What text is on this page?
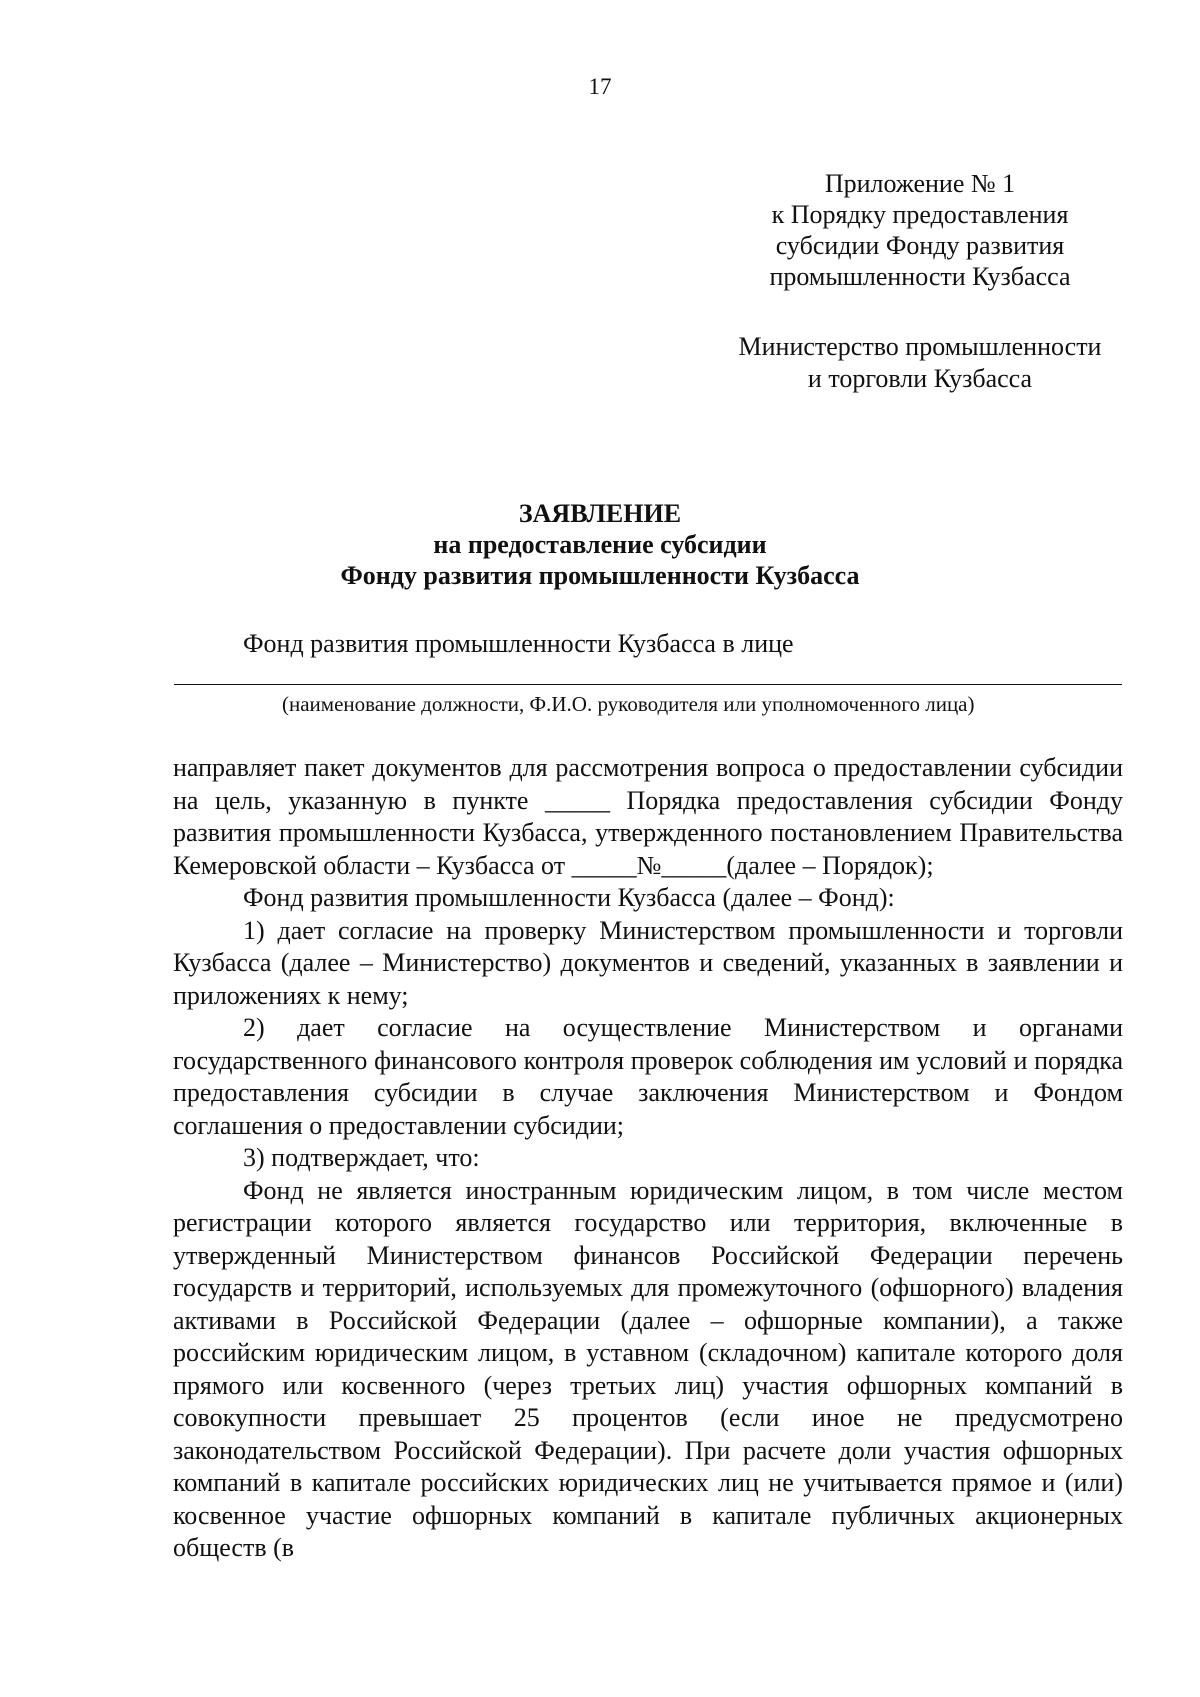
17
Приложение № 1
к Порядку предоставления
субсидии Фонду развития
промышленности Кузбасса
Министерство промышленности
и торговли Кузбасса
ЗАЯВЛЕНИЕ
на предоставление субсидии
Фонду развития промышленности Кузбасса
Фонд развития промышленности Кузбасса в лице
(наименование должности, Ф.И.О. руководителя или уполномоченного лица)

направляет пакет документов для рассмотрения вопроса о предоставлении субсидии на цель, указанную в пункте _____ Порядка предоставления субсидии Фонду развития промышленности Кузбасса, утвержденного постановлением Правительства Кемеровской области – Кузбасса от _____№_____(далее – Порядок);

Фонд развития промышленности Кузбасса (далее – Фонд):

1) дает согласие на проверку Министерством промышленности и торговли Кузбасса (далее – Министерство) документов и сведений, указанных в заявлении и приложениях к нему;

2) дает согласие на осуществление Министерством и органами государственного финансового контроля проверок соблюдения им условий и порядка предоставления субсидии в случае заключения Министерством и Фондом соглашения о предоставлении субсидии;

3) подтверждает, что:

Фонд не является иностранным юридическим лицом, в том числе местом регистрации которого является государство или территория, включенные в утвержденный Министерством финансов Российской Федерации перечень государств и территорий, используемых для промежуточного (офшорного) владения активами в Российской Федерации (далее – офшорные компании), а также российским юридическим лицом, в уставном (складочном) капитале которого доля прямого или косвенного (через третьих лиц) участия офшорных компаний в совокупности превышает 25 процентов (если иное не предусмотрено законодательством Российской Федерации). При расчете доли участия офшорных компаний в капитале российских юридических лиц не учитывается прямое и (или) косвенное участие офшорных компаний в капитале публичных акционерных обществ (в
